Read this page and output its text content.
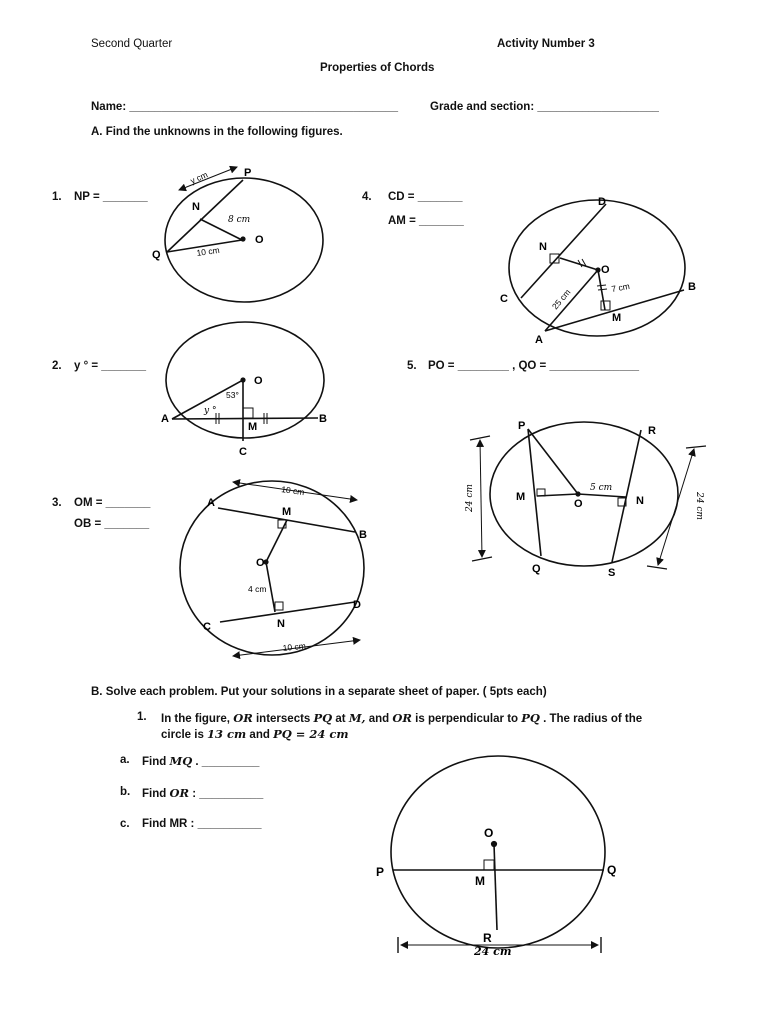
Second Quarter	Activity Number 3
Properties of Chords
Name: __________________________________________	Grade and section: ___________________
A. Find the unknowns in the following figures.
1. NP = _______
2. y ° = _______
3. OM = _______
OB = _______
4. CD = _______
AM = _______
5. PO = ________ , QO = ______________
P
N
O
Q
y cm
8 cm
10 cm
O
A
M
B
C
53°
y °
A
M
B
O
C	N
D
10 cm
10 cm
4 cm
D
N
O
B
C
M
A
25 cm	7 cm
P	R
M
O	N
Q	S
5 cm
24 cm	24 cm
O
P	Q
M
R
24 cm
B. Solve each problem. Put your solutions in a separate sheet of paper. ( 5pts each)
1. In the figure, OR intersects PQ at M, and OR is perpendicular to PQ . The radius of the
circle is 13 cm and PQ = 24 cm
a. Find MQ . _________
b. Find OR : __________
c. Find MR : __________
